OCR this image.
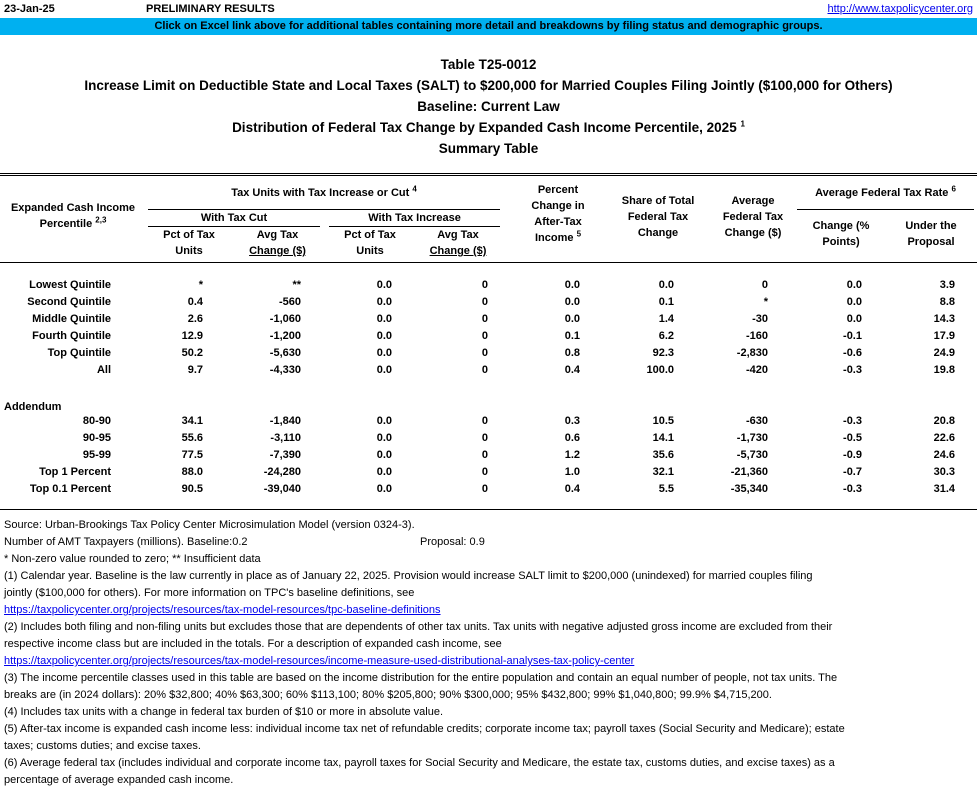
23-Jan-25	PRELIMINARY RESULTS	http://www.taxpolicycenter.org
Click on Excel link above for additional tables containing more detail and breakdowns by filing status and demographic groups.
Table T25-0012
Increase Limit on Deductible State and Local Taxes (SALT) to $200,000 for Married Couples Filing Jointly ($100,000 for Others)
Baseline: Current Law
Distribution of Federal Tax Change by Expanded Cash Income Percentile, 2025 $^1$
Summary Table
Expanded Cash Income
Percentile $^{2,3}$
Tax Units with Tax Increase or Cut $^4$
With Tax Cut	With Tax Increase
Pct of Tax
Units
Avg Tax
Change ($)
Pct of Tax
Units
Avg Tax
Change ($)
Percent
Change in
After-Tax
Income $^5$
Share of Total
Federal Tax
Change
Average
Federal Tax
Change ($)
Average Federal Tax Rate $^6$
Change (%
Points)
Under the
Proposal
Lowest Quintile	*	**	0.0	0	0.0	0.0	0	0.0	3.9
Second Quintile	0.4	-560	0.0	0	0.0	0.1	*	0.0	8.8
Middle Quintile	2.6	-1,060	0.0	0	0.0	1.4	-30	0.0	14.3
Fourth Quintile	12.9	-1,200	0.0	0	0.1	6.2	-160	-0.1	17.9
Top Quintile	50.2	-5,630	0.0	0	0.8	92.3	-2,830	-0.6	24.9
All	9.7	-4,330	0.0	0	0.4	100.0	-420	-0.3	19.8
80-90	34.1	-1,840	0.0	0	0.3	10.5	-630	-0.3	20.8
90-95	55.6	-3,110	0.0	0	0.6	14.1	-1,730	-0.5	22.6
95-99	77.5	-7,390	0.0	0	1.2	35.6	-5,730	-0.9	24.6
Top 1 Percent	88.0	-24,280	0.0	0	1.0	32.1	-21,360	-0.7	30.3
Top 0.1 Percent	90.5	-39,040	0.0	0	0.4	5.5	-35,340	-0.3	31.4
Addendum
Source: Urban-Brookings Tax Policy Center Microsimulation Model (version 0324-3).
Number of AMT Taxpayers (millions). Baseline:0.2	Proposal: 0.9
* Non-zero value rounded to zero; ** Insufficient data
(1) Calendar year. Baseline is the law currently in place as of January 22, 2025. Provision would increase SALT limit to $200,000 (unindexed) for married couples filing
jointly ($100,000 for others). For more information on TPC's baseline definitions, see
https://taxpolicycenter.org/projects/resources/tax-model-resources/tpc-baseline-definitions
(2) Includes both filing and non-filing units but excludes those that are dependents of other tax units. Tax units with negative adjusted gross income are excluded from their
respective income class but are included in the totals. For a description of expanded cash income, see
https://taxpolicycenter.org/projects/resources/tax-model-resources/income-measure-used-distributional-analyses-tax-policy-center
(3) The income percentile classes used in this table are based on the income distribution for the entire population and contain an equal number of people, not tax units. The
breaks are (in 2024 dollars): 20% $32,800; 40% $63,300; 60% $113,100; 80% $205,800; 90% $300,000; 95% $432,800; 99% $1,040,800; 99.9% $4,715,200.
(4) Includes tax units with a change in federal tax burden of $10 or more in absolute value.
(5) After-tax income is expanded cash income less: individual income tax net of refundable credits; corporate income tax; payroll taxes (Social Security and Medicare); estate
taxes; customs duties; and excise taxes.
(6) Average federal tax (includes individual and corporate income tax, payroll taxes for Social Security and Medicare, the estate tax, customs duties, and excise taxes) as a
percentage of average expanded cash income.
